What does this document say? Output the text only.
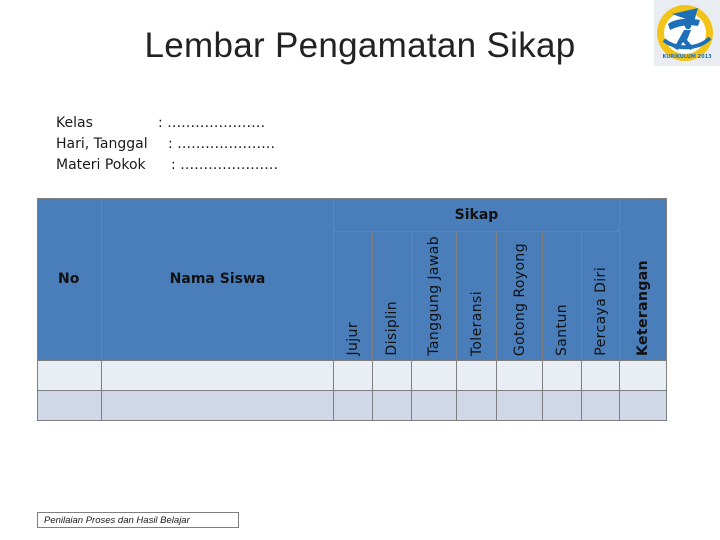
Lembar Pengamatan Sikap	KURIKULUM 2013
Kelas	: …………………
Hari, Tanggal : …………………
Materi Pokok : …………………
No	Nama Siswa	Sikap							Keterangan
		Jujur	Disiplin	Tanggung Jawab	Toleransi	Gotong Royong	Santun	Percaya Diri	

Penilaian Proses dan Hasil Belajar
